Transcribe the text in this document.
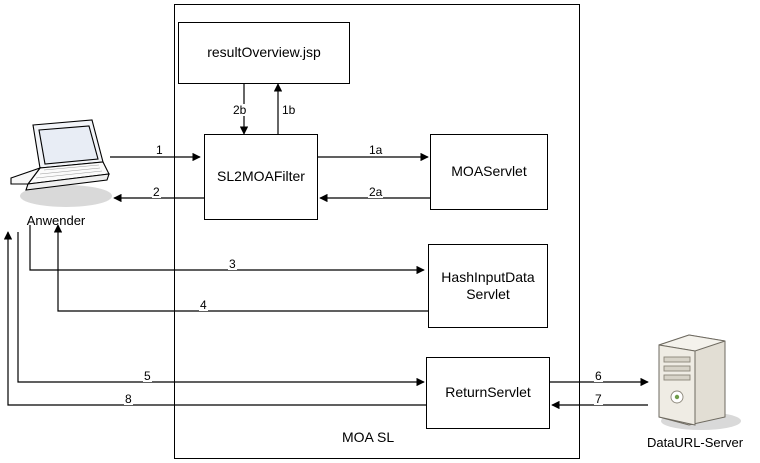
MOA SL
resultOverview.jsp
SL2MOAFilter	MOAServlet
HashInputData
Servlet
ReturnServlet
Anwender
DataURL-Server
1
2
1a
2a
1b
2b
3
4
5	6
7
8
